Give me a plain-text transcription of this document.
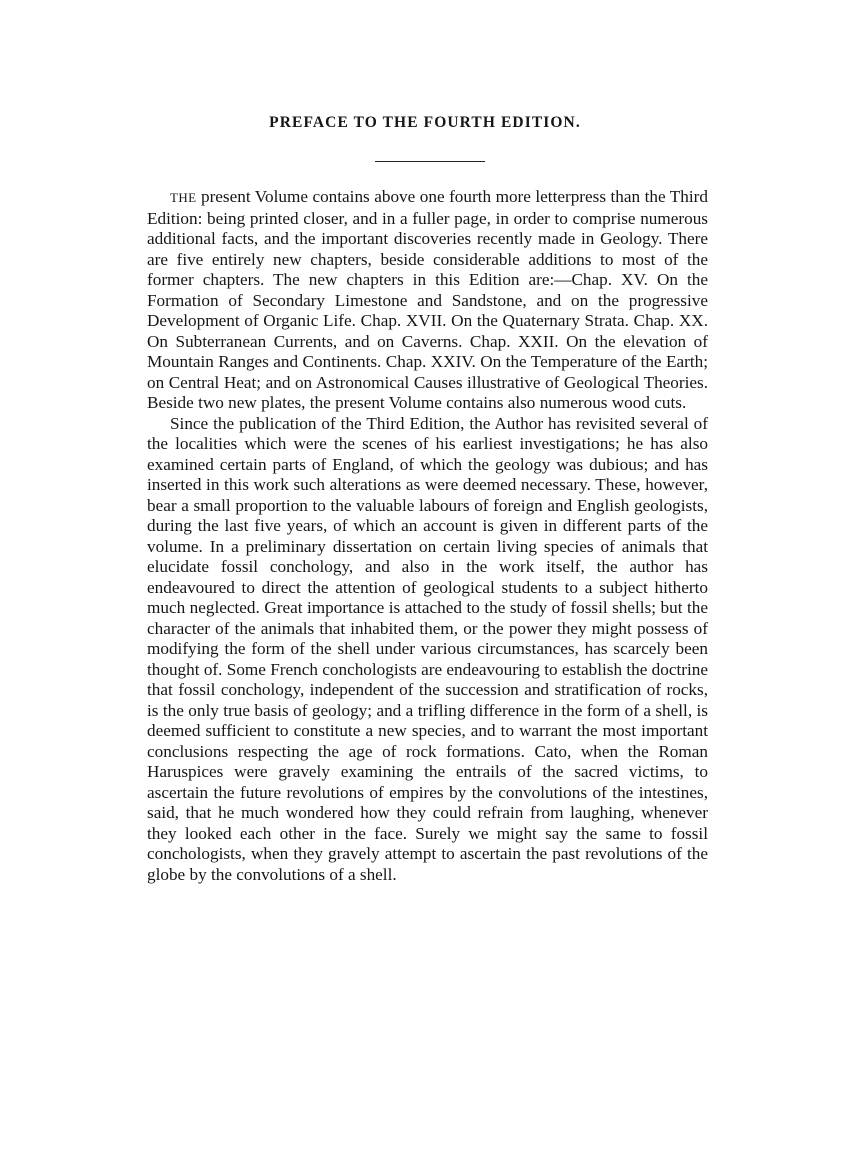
PREFACE TO THE FOURTH EDITION.

THE present Volume contains above one fourth more letterpress than the Third Edition: being printed closer, and in a fuller page, in order to comprise numerous additional facts, and the important discoveries recently made in Geology. There are five entirely new chapters, beside considerable additions to most of the former chapters. The new chapters in this Edition are:—Chap. XV. On the Formation of Secondary Limestone and Sandstone, and on the progressive Development of Organic Life. Chap. XVII. On the Quaternary Strata. Chap. XX. On Subterranean Currents, and on Caverns. Chap. XXII. On the elevation of Mountain Ranges and Continents. Chap. XXIV. On the Temperature of the Earth; on Central Heat; and on Astronomical Causes illustrative of Geological Theories. Beside two new plates, the present Volume contains also numerous wood cuts.

Since the publication of the Third Edition, the Author has revisited several of the localities which were the scenes of his earliest investigations; he has also examined certain parts of England, of which the geology was dubious; and has inserted in this work such alterations as were deemed necessary. These, however, bear a small proportion to the valuable labours of foreign and English geologists, during the last five years, of which an account is given in different parts of the volume. In a preliminary dissertation on certain living species of animals that elucidate fossil conchology, and also in the work itself, the author has endeavoured to direct the attention of geological students to a subject hitherto much neglected. Great importance is attached to the study of fossil shells; but the character of the animals that inhabited them, or the power they might possess of modifying the form of the shell under various circumstances, has scarcely been thought of. Some French conchologists are endeavouring to establish the doctrine that fossil conchology, independent of the succession and stratification of rocks, is the only true basis of geology; and a trifling difference in the form of a shell, is deemed sufficient to constitute a new species, and to warrant the most important conclusions respecting the age of rock formations. Cato, when the Roman Haruspices were gravely examining the entrails of the sacred victims, to ascertain the future revolutions of empires by the convolutions of the intestines, said, that he much wondered how they could refrain from laughing, whenever they looked each other in the face. Surely we might say the same to fossil conchologists, when they gravely attempt to ascertain the past revolutions of the globe by the convolutions of a shell.
